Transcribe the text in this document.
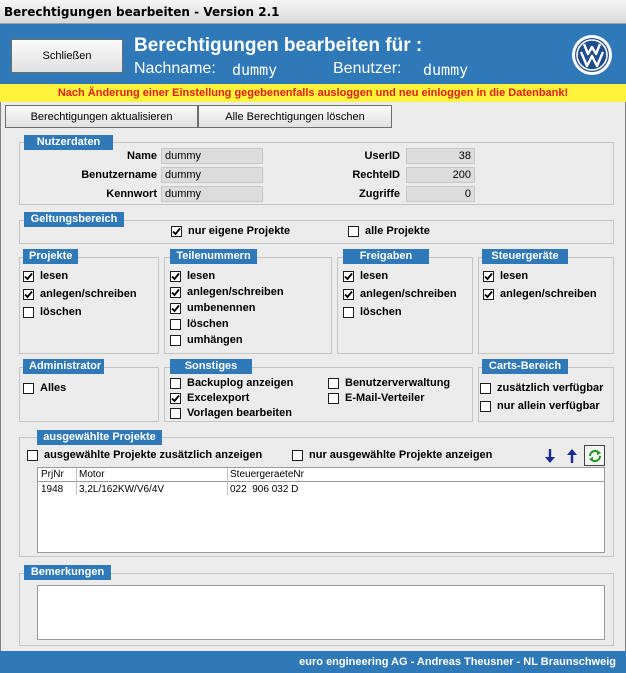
Berechtigungen bearbeiten - Version 2.1
Schließen	Berechtigungen bearbeiten für :
Nachname: dummy	Benutzer: dummy
Nach Änderung einer Einstellung gegebenenfalls ausloggen und neu einloggen in die Datenbank!
Berechtigungen aktualisieren	Alle Berechtigungen löschen
Nutzerdaten
Name dummy
Benutzername dummy
Kennwort dummy
UserID	38
RechteID	200
Zugriffe	0
Geltungsbereich
nur eigene Projekte	alle Projekte
Projekte
lesen
anlegen/schreiben
löschen
Teilenummern
lesen
anlegen/schreiben
umbenennen
löschen
umhängen
Freigaben
lesen
anlegen/schreiben
löschen
Steuergeräte
lesen
anlegen/schreiben
Administrator
Alles
Sonstiges
Backuplog anzeigen
Excelexport
Vorlagen bearbeiten
Benutzerverwaltung
E-Mail-Verteiler
Carts-Bereich
zusätzlich verfügbar
nur allein verfügbar
ausgewählte Projekte
ausgewählte Projekte zusätzlich anzeigen	nur ausgewählte Projekte anzeigen
PrjNr Motor	SteuergeraeteNr
1948 3,2L/162KW/V6/4V	022  906 032 D
Bemerkungen
euro engineering AG - Andreas Theusner - NL Braunschweig
